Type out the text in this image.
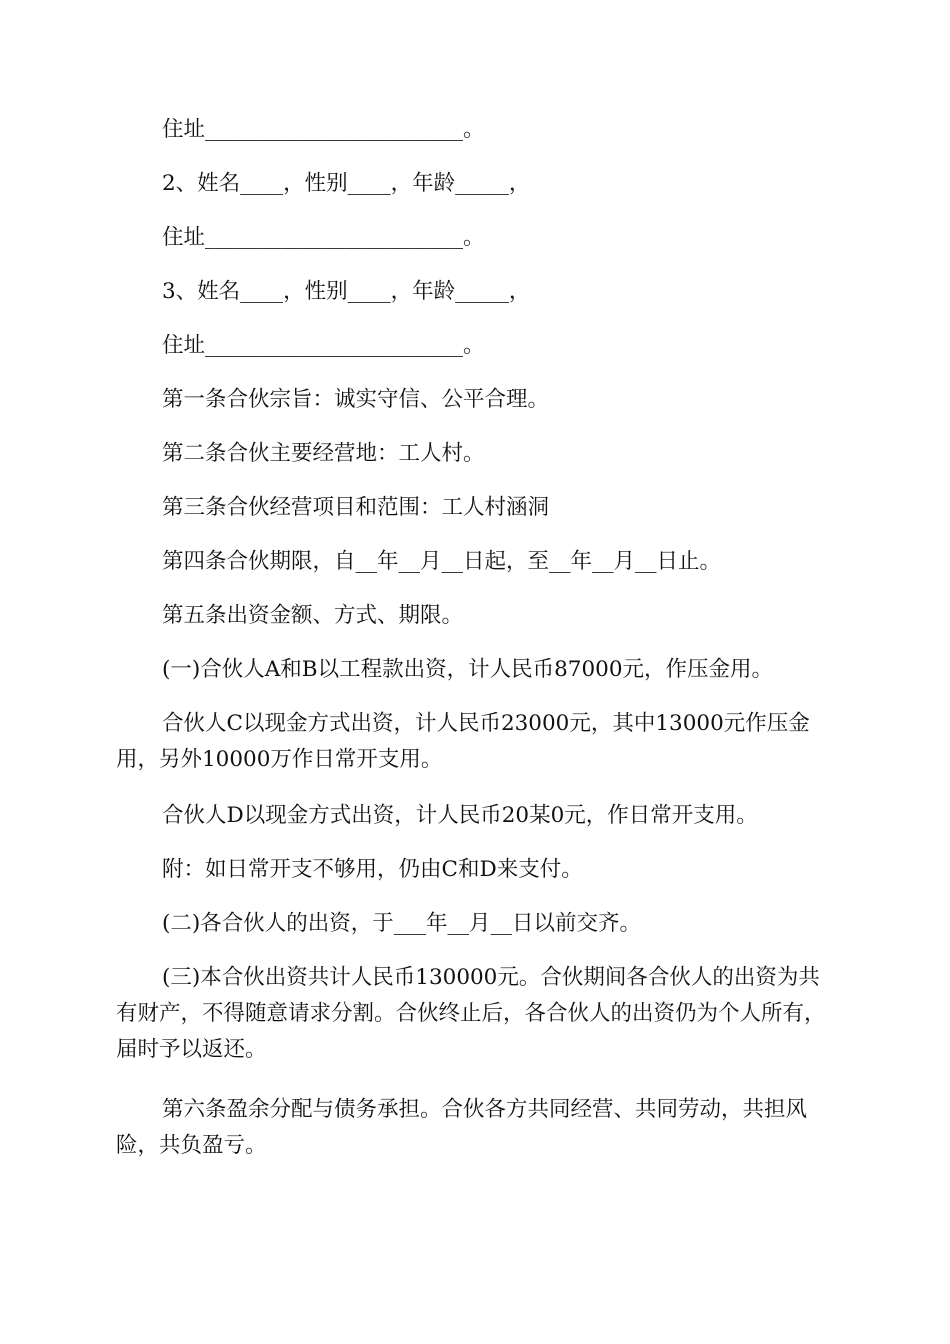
住址________________________。
2、姓名____，性别____，年龄_____，
住址________________________。
3、姓名____，性别____，年龄_____，
住址________________________。
第一条合伙宗旨：诚实守信、公平合理。
第二条合伙主要经营地：工人村。
第三条合伙经营项目和范围：工人村涵洞
第四条合伙期限，自__年__月__日起，至__年__月__日止。
第五条出资金额、方式、期限。
(一)合伙人A和B以工程款出资，计人民币87000元，作压金用。
合伙人C以现金方式出资，计人民币23000元，其中13000元作压金用，另外10000万作日常开支用。
合伙人D以现金方式出资，计人民币20某0元，作日常开支用。
附：如日常开支不够用，仍由C和D来支付。
(二)各合伙人的出资，于___年__月__日以前交齐。
(三)本合伙出资共计人民币130000元。合伙期间各合伙人的出资为共有财产，不得随意请求分割。合伙终止后，各合伙人的出资仍为个人所有，届时予以返还。
第六条盈余分配与债务承担。合伙各方共同经营、共同劳动，共担风险，共负盈亏。
